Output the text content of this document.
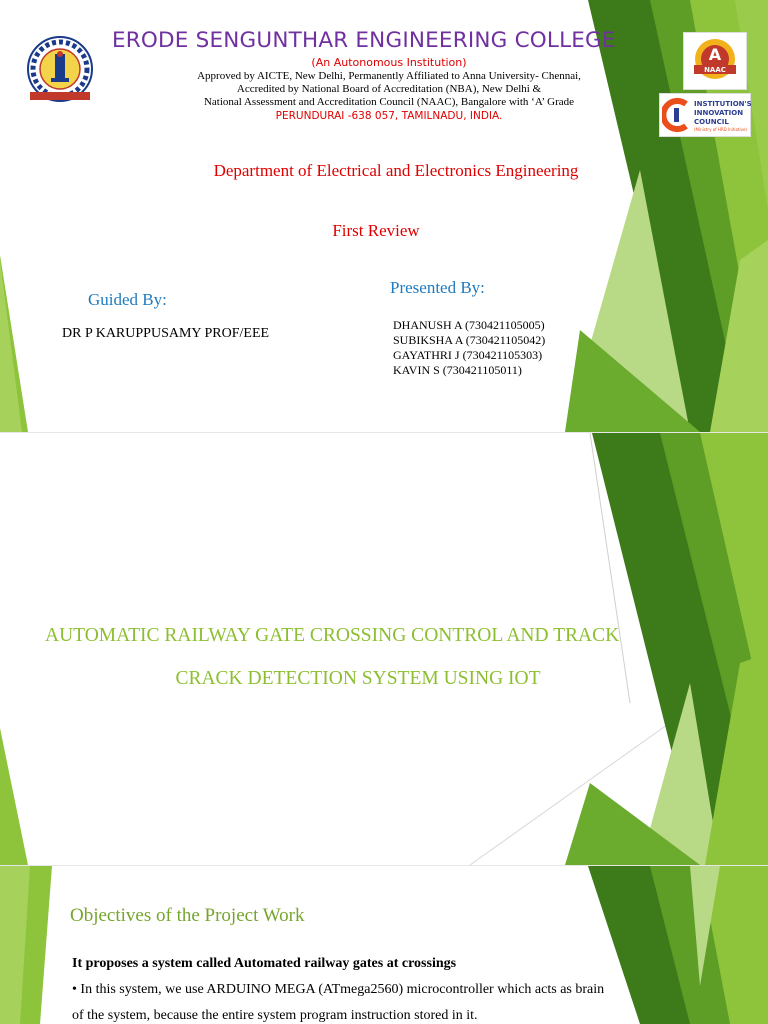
ERODE SENGUNTHAR ENGINEERING COLLEGE
(An Autonomous Institution)
Approved by AICTE, New Delhi, Permanently Affiliated to Anna University- Chennai,
Accredited by National Board of Accreditation (NBA), New Delhi &
National Assessment and Accreditation Council (NAAC), Bangalore with ‘A’ Grade
PERUNDURAI -638 057, TAMILNADU, INDIA.
A
NAAC
INSTITUTION'S
INNOVATION
COUNCIL
(Ministry of HRD Initiative)
Department of Electrical and Electronics Engineering
First Review
Guided By:
DR P KARUPPUSAMY PROF/EEE
Presented By:
DHANUSH A (730421105005)
SUBIKSHA A (730421105042)
GAYATHRI J (730421105303)
KAVIN S (730421105011)
AUTOMATIC RAILWAY GATE CROSSING CONTROL AND TRACK
CRACK DETECTION SYSTEM USING IOT
Objectives of the Project Work
It proposes a system called Automated railway gates at crossings
• In this system, we use ARDUINO MEGA (ATmega2560) microcontroller which acts as brain
of the system, because the entire system program instruction stored in it.
